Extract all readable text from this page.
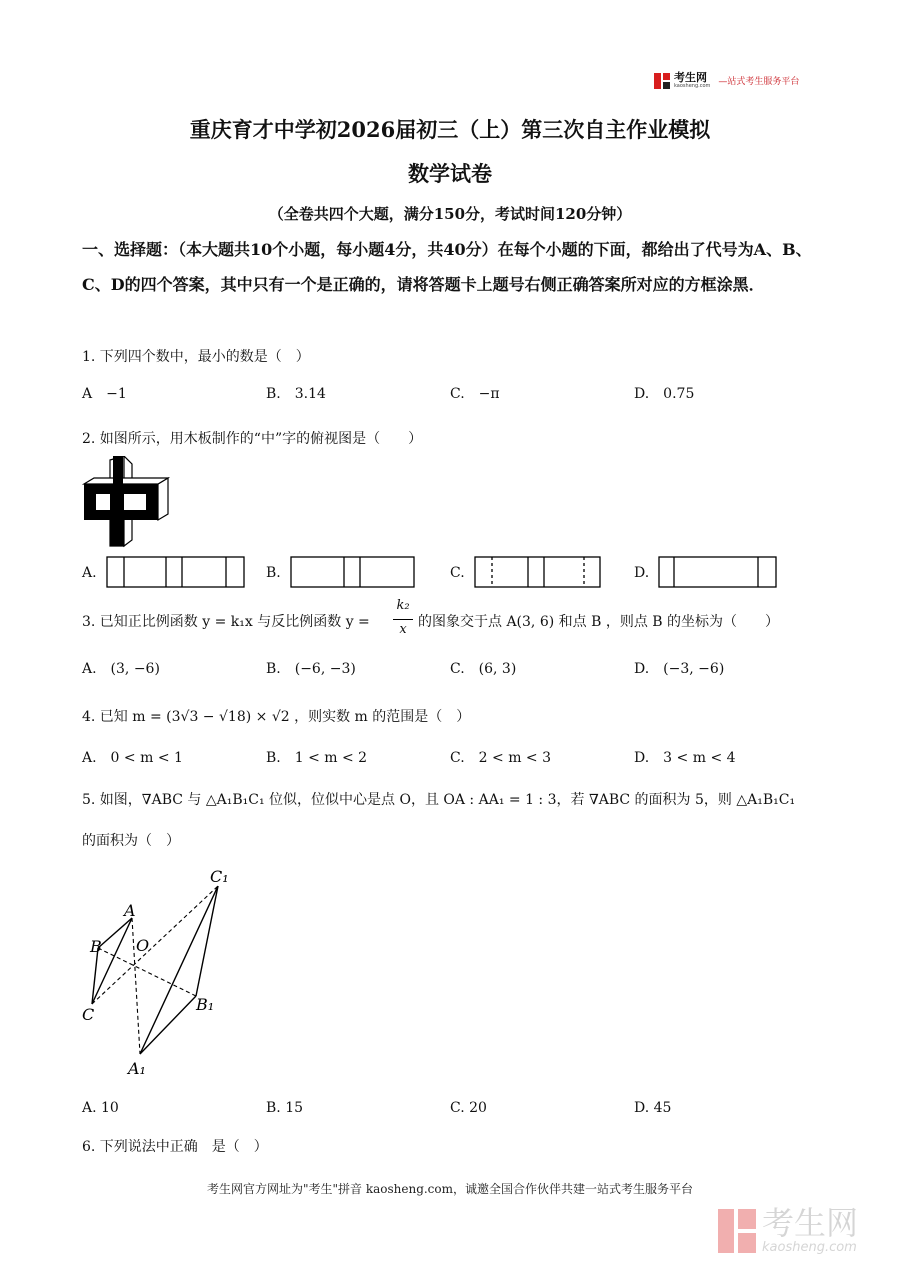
考生网
kaosheng.com —站式考生服务平台
重庆育才中学初2026届初三（上）第三次自主作业模拟
数学试卷
（全卷共四个大题，满分150分，考试时间120分钟）
一、选择题：（本大题共10个小题，每小题4分，共40分）在每个小题的下面，都给出了代号为A、B、C、D的四个答案，其中只有一个是正确的，请将答题卡上题号右侧正确答案所对应的方框涂黑．
1. 下列四个数中，最小的数是（　）
A　−1	B.　3.14	C.　−π	D.　0.75
2. 如图所示，用木板制作的“中”字的俯视图是（　　）
A.	B.	C.	D.
3. 已知正比例函数 y = k₁x 与反比例函数 y =
k₂
x 的图象交于点 A(3, 6) 和点 B ，则点 B 的坐标为（　　）
A.　(3, −6)	B.　(−6, −3)	C.　(6, 3)	D.　(−3, −6)
4. 已知 m = (3√3 − √18) × √2 ，则实数 m 的范围是（　）
A.　0 < m < 1	B.　1 < m < 2	C.　2 < m < 3	D.　3 < m < 4
5. 如图，∇ABC 与 △A₁B₁C₁ 位似，位似中心是点 O，且 OA : AA₁ = 1 : 3，若 ∇ABC 的面积为 5，则 △A₁B₁C₁
的面积为（　）
A
B
C
O
C₁
B₁
A₁
A. 10	B. 15	C. 20	D. 45
6. 下列说法中正确　是（　）
考生网官方网址为"考生"拼音 kaosheng.com，诚邀全国合作伙伴共建一站式考生服务平台
考生网
kaosheng.com
